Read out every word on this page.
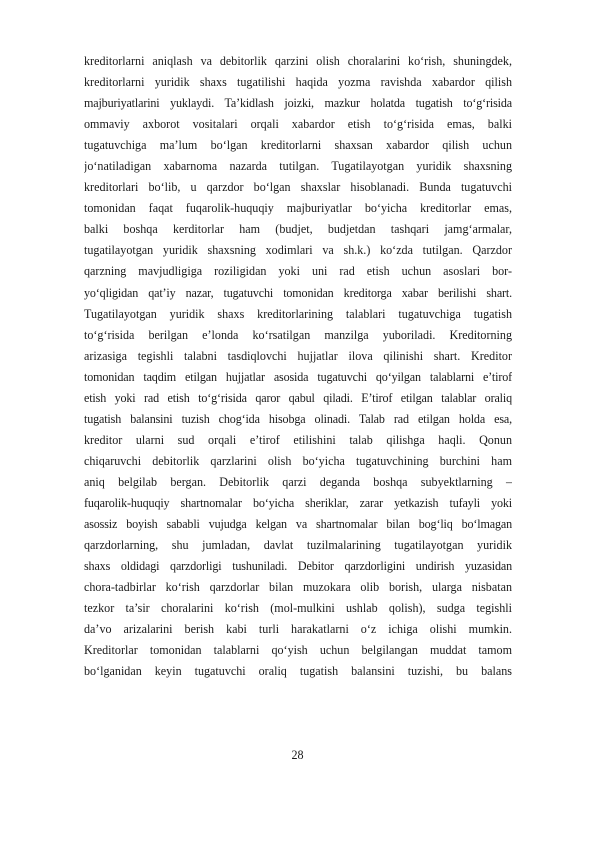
kreditorlarni aniqlash va debitorlik qarzini olish choralarini ko‘rish, shuningdek,
kreditorlarni yuridik shaxs tugatilishi haqida yozma ravishda xabardor qilish
majburiyatlarini yuklaydi. Ta’kidlash joizki, mazkur holatda tugatish to‘g‘risida
ommaviy axborot vositalari orqali xabardor etish to‘g‘risida emas, balki
tugatuvchiga ma’lum bo‘lgan kreditorlarni shaxsan xabardor qilish uchun
jo‘natiladigan xabarnoma nazarda tutilgan. Tugatilayotgan yuridik shaxsning
kreditorlari bo‘lib, u qarzdor bo‘lgan shaxslar hisoblanadi. Bunda tugatuvchi
tomonidan faqat fuqarolik-huquqiy majburiyatlar bo‘yicha kreditorlar emas,
balki boshqa kerditorlar ham (budjet, budjetdan tashqari jamg‘armalar,
tugatilayotgan yuridik shaxsning xodimlari va sh.k.) ko‘zda tutilgan. Qarzdor
qarzning mavjudligiga roziligidan yoki uni rad etish uchun asoslari bor-
yo‘qligidan qat’iy nazar, tugatuvchi tomonidan kreditorga xabar berilishi shart.
Tugatilayotgan yuridik shaxs kreditorlarining talablari tugatuvchiga tugatish
to‘g‘risida berilgan e’londa ko‘rsatilgan manzilga yuboriladi. Kreditorning
arizasiga tegishli talabni tasdiqlovchi hujjatlar ilova qilinishi shart. Kreditor
tomonidan taqdim etilgan hujjatlar asosida tugatuvchi qo‘yilgan talablarni e’tirof
etish yoki rad etish to‘g‘risida qaror qabul qiladi. E’tirof etilgan talablar oraliq
tugatish balansini tuzish chog‘ida hisobga olinadi. Talab rad etilgan holda esa,
kreditor ularni sud orqali e’tirof etilishini talab qilishga haqli. Qonun
chiqaruvchi debitorlik qarzlarini olish bo‘yicha tugatuvchining burchini ham
aniq belgilab bergan. Debitorlik qarzi deganda boshqa subyektlarning –
fuqarolik-huquqiy shartnomalar bo‘yicha sheriklar, zarar yetkazish tufayli yoki
asossiz boyish sababli vujudga kelgan va shartnomalar bilan bog‘liq bo‘lmagan
qarzdorlarning, shu jumladan, davlat tuzilmalarining tugatilayotgan yuridik
shaxs oldidagi qarzdorligi tushuniladi. Debitor qarzdorligini undirish yuzasidan
chora-tadbirlar ko‘rish qarzdorlar bilan muzokara olib borish, ularga nisbatan
tezkor ta’sir choralarini ko‘rish (mol-mulkini ushlab qolish), sudga tegishli
da’vo arizalarini berish kabi turli harakatlarni o‘z ichiga olishi mumkin.
Kreditorlar tomonidan talablarni qo‘yish uchun belgilangan muddat tamom
bo‘lganidan keyin tugatuvchi oraliq tugatish balansini tuzishi, bu balans
28
